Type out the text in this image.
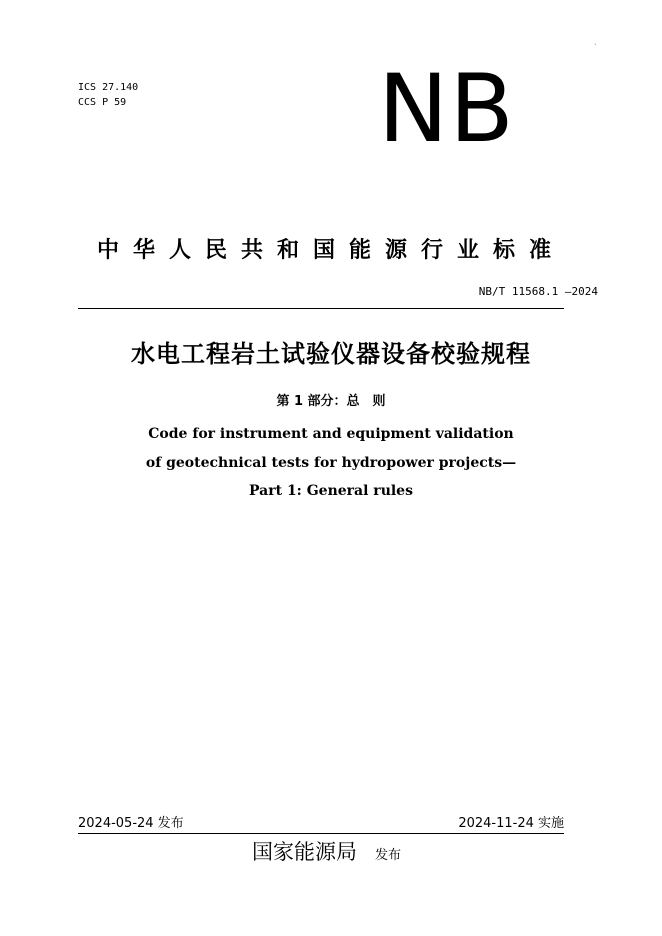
ICS 27.140
CCS P 59
`
NB
中华人民共和国能源行业标准
NB/T 11568.1 —2024
水电工程岩土试验仪器设备校验规程
第 1 部分：总　则
Code for instrument and equipment validation
of geotechnical tests for hydropower projects—
Part 1: General rules
2024-05-24 发布	2024-11-24 实施
国家能源局 发布
